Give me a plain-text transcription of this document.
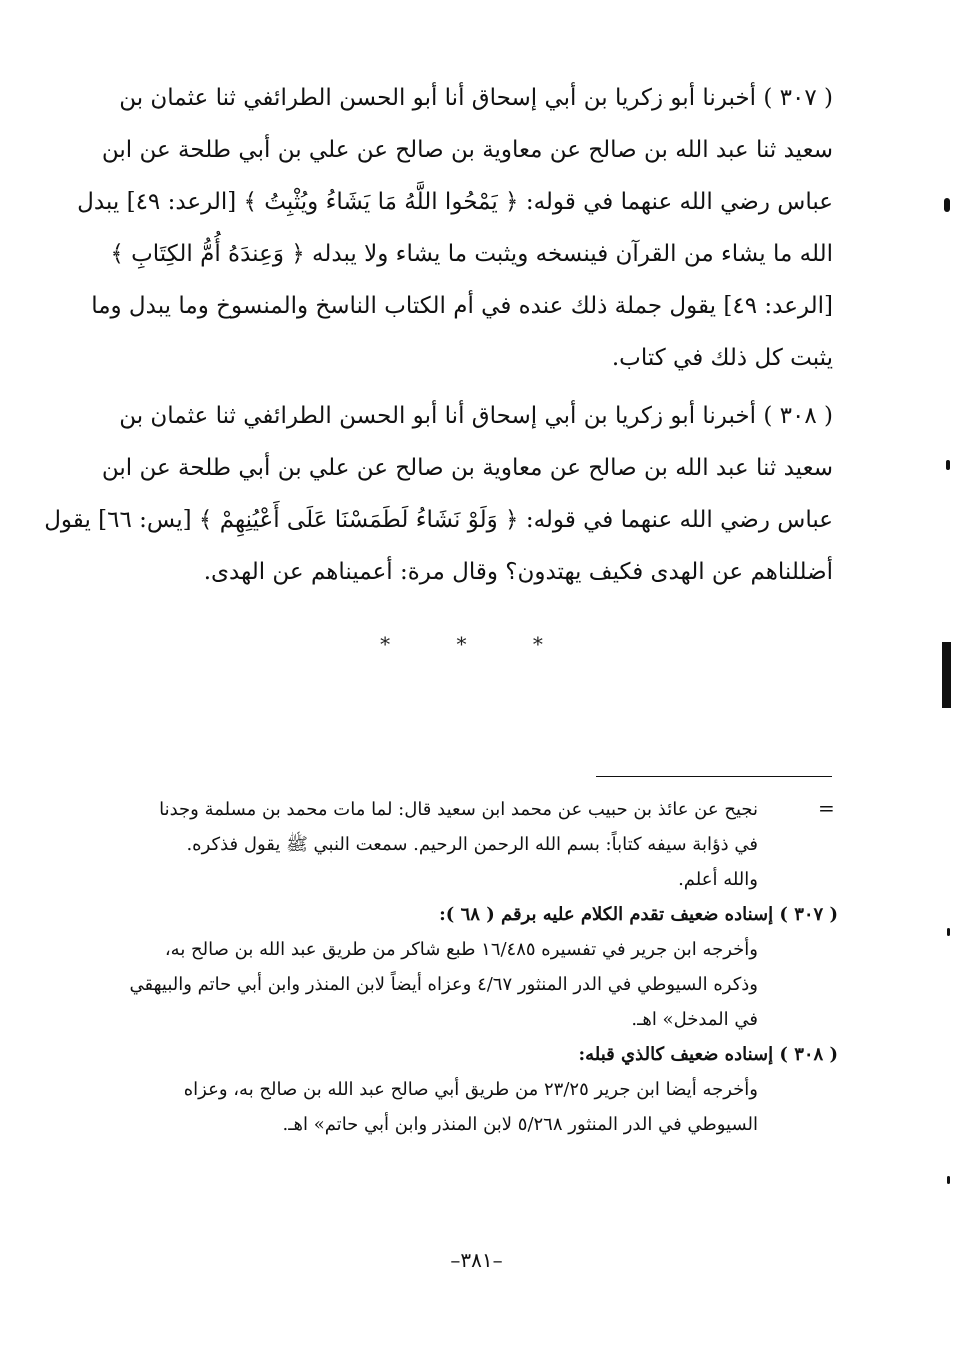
( ٣٠٧ ) أخبرنا أبو زكريا بن أبي إسحاق أنا أبو الحسن الطرائفي ثنا عثمان بن
سعيد ثنا عبد الله بن صالح عن معاوية بن صالح عن علي بن أبي طلحة عن ابن
عباس رضي الله عنهما في قوله: ﴿ يَمْحُوا اللَّهُ مَا يَشَاءُ ويُثْبِتُ ﴾ [الرعد: ٤٩] يبدل
الله ما يشاء من القرآن فينسخه ويثبت ما يشاء ولا يبدله ﴿ وَعِندَهُ أُمُّ الكِتَابِ ﴾
[الرعد: ٤٩] يقول جملة ذلك عنده في أم الكتاب الناسخ والمنسوخ وما يبدل وما
يثبت كل ذلك في كتاب.
( ٣٠٨ ) أخبرنا أبو زكريا بن أبي إسحاق أنا أبو الحسن الطرائفي ثنا عثمان بن
سعيد ثنا عبد الله بن صالح عن معاوية بن صالح عن علي بن أبي طلحة عن ابن
عباس رضي الله عنهما في قوله: ﴿ وَلَوْ نَشَاءُ لَطَمَسْنَا عَلَى أَعْيُنِهِمْ ﴾ [يس: ٦٦] يقول
أضللناهم عن الهدى فكيف يهتدون؟ وقال مرة: أعميناهم عن الهدى.
* * *
=
نجيح عن عائذ بن حبيب عن محمد ابن سعيد قال: لما مات محمد بن مسلمة وجدنا
في ذؤابة سيفه كتاباً: بسم الله الرحمن الرحيم. سمعت النبي ﷺ يقول فذكره.
والله أعلم.
( ٣٠٧ ) إسناده ضعيف تقدم الكلام عليه برقم ( ٦٨ ):
وأخرجه ابن جرير في تفسيره ١٦/٤٨٥ طبع شاكر من طريق عبد الله بن صالح به،
وذكره السيوطي في الدر المنثور ٤/٦٧ وعزاه أيضاً لابن المنذر وابن أبي حاتم والبيهقي
في المدخل» اهـ.
( ٣٠٨ ) إسناده ضعيف كالذي قبله:
وأخرجه أيضا ابن جرير ٢٣/٢٥ من طريق أبي صالح عبد الله بن صالح به، وعزاه
السيوطي في الدر المنثور ٥/٢٦٨ لابن المنذر وابن أبي حاتم» اهـ.
–٣٨١–
